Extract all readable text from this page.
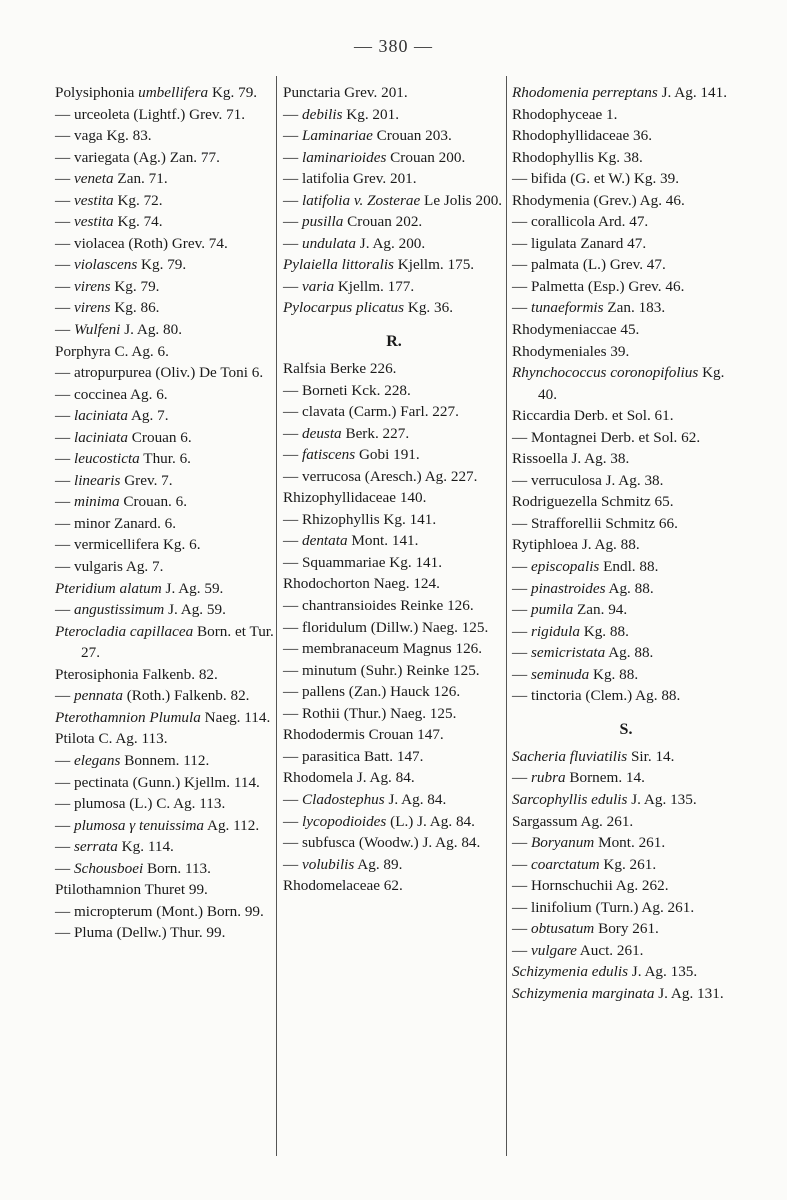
— 380 —
Polysiphonia umbellifera Kg. 79.
— urceoleta (Lightf.) Grev. 71.
— vaga Kg. 83.
— variegata (Ag.) Zan. 77.
— veneta Zan. 71.
— vestita Kg. 72.
— vestita Kg. 74.
— violacea (Roth) Grev. 74.
— violascens Kg. 79.
— virens Kg. 79.
— virens Kg. 86.
— Wulfeni J. Ag. 80.
Porphyra C. Ag. 6.
— atropurpurea (Oliv.) De Toni 6.
— coccinea Ag. 6.
— laciniata Ag. 7.
— laciniata Crouan 6.
— leucosticta Thur. 6.
— linearis Grev. 7.
— minima Crouan. 6.
— minor Zanard. 6.
— vermicellifera Kg. 6.
— vulgaris Ag. 7.
Pteridium alatum J. Ag. 59.
— angustissimum J. Ag. 59.
Pterocladia capillacea Born. et Tur. 27.
Pterosiphonia Falkenb. 82.
— pennata (Roth.) Falkenb. 82.
Pterothamnion Plumula Naeg. 114.
Ptilota C. Ag. 113.
— elegans Bonnem. 112.
— pectinata (Gunn.) Kjellm. 114.
— plumosa (L.) C. Ag. 113.
— plumosa γ tenuissima Ag. 112.
— serrata Kg. 114.
— Schousboei Born. 113.
Ptilothamnion Thuret 99.
— micropterum (Mont.) Born. 99.
— Pluma (Dellw.) Thur. 99.
Punctaria Grev. 201.
— debilis Kg. 201.
— Laminariae Crouan 203.
— laminarioides Crouan 200.
— latifolia Grev. 201.
— latifolia v. Zosterae Le Jolis 200.
— pusilla Crouan 202.
— undulata J. Ag. 200.
Pylaiella littoralis Kjellm. 175.
— varia Kjellm. 177.
Pylocarpus plicatus Kg. 36.
R.
Ralfsia Berke 226.
— Borneti Kck. 228.
— clavata (Carm.) Farl. 227.
— deusta Berk. 227.
— fatiscens Gobi 191.
— verrucosa (Aresch.) Ag. 227.
Rhizophyllidaceae 140.
— Rhizophyllis Kg. 141.
— dentata Mont. 141.
— Squammariae Kg. 141.
Rhodochorton Naeg. 124.
— chantransioides Reinke 126.
— floridulum (Dillw.) Naeg. 125.
— membranaceum Magnus 126.
— minutum (Suhr.) Reinke 125.
— pallens (Zan.) Hauck 126.
— Rothii (Thur.) Naeg. 125.
Rhododermis Crouan 147.
— parasitica Batt. 147.
Rhodomela J. Ag. 84.
— Cladostephus J. Ag. 84.
— lycopodioides (L.) J. Ag. 84.
— subfusca (Woodw.) J. Ag. 84.
— volubilis Ag. 89.
Rhodomelaceae 62.
Rhodomenia perreptans J. Ag. 141.
Rhodophyceae 1.
Rhodophyllidaceae 36.
Rhodophyllis Kg. 38.
— bifida (G. et W.) Kg. 39.
Rhodymenia (Grev.) Ag. 46.
— corallicola Ard. 47.
— ligulata Zanard 47.
— palmata (L.) Grev. 47.
— Palmetta (Esp.) Grev. 46.
— tunaeformis Zan. 183.
Rhodymeniaccae 45.
Rhodymeniales 39.
Rhynchococcus coronopifolius Kg. 40.
Riccardia Derb. et Sol. 61.
— Montagnei Derb. et Sol. 62.
Rissoella J. Ag. 38.
— verruculosa J. Ag. 38.
Rodriguezella Schmitz 65.
— Strafforellii Schmitz 66.
Rytiphloea J. Ag. 88.
— episcopalis Endl. 88.
— pinastroides Ag. 88.
— pumila Zan. 94.
— rigidula Kg. 88.
— semicristata Ag. 88.
— seminuda Kg. 88.
— tinctoria (Clem.) Ag. 88.
S.
Sacheria fluviatilis Sir. 14.
— rubra Bornem. 14.
Sarcophyllis edulis J. Ag. 135.
Sargassum Ag. 261.
— Boryanum Mont. 261.
— coarctatum Kg. 261.
— Hornschuchii Ag. 262.
— linifolium (Turn.) Ag. 261.
— obtusatum Bory 261.
— vulgare Auct. 261.
Schizymenia edulis J. Ag. 135.
Schizymenia marginata J. Ag. 131.
